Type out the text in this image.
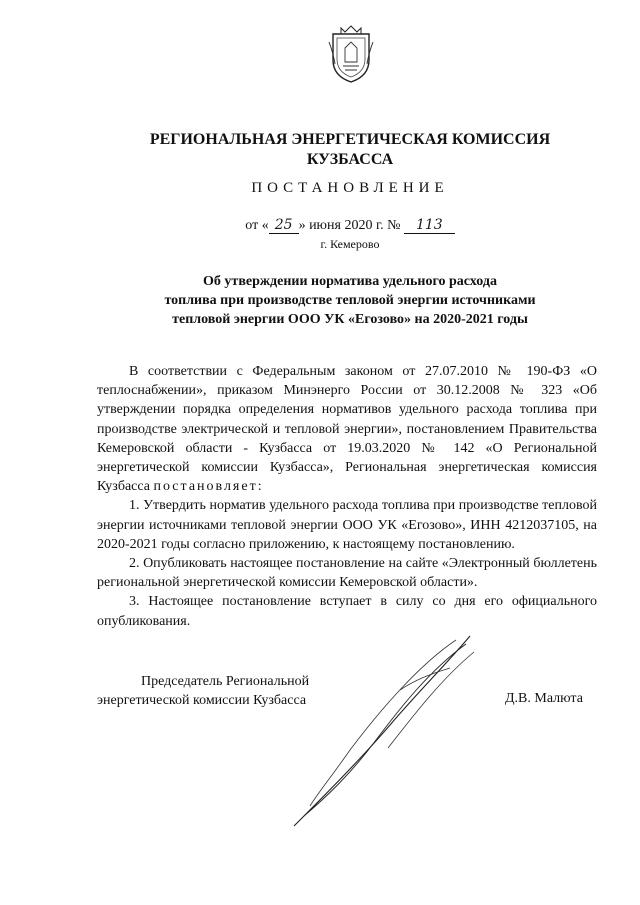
РЕГИОНАЛЬНАЯ ЭНЕРГЕТИЧЕСКАЯ КОМИССИЯ
КУЗБАССА
ПОСТАНОВЛЕНИЕ
от « 25 » июня 2020 г. № 113
г. Кемерово
Об утверждении норматива удельного расхода
топлива при производстве тепловой энергии источниками
тепловой энергии ООО УК «Егозово» на 2020-2021 годы

В соответствии с Федеральным законом от 27.07.2010 № 190-ФЗ «О теплоснабжении», приказом Минэнерго России от 30.12.2008 № 323 «Об утверждении порядка определения нормативов удельного расхода топлива при производстве электрической и тепловой энергии», постановлением Правительства Кемеровской области - Кузбасса от 19.03.2020 № 142 «О Региональной энергетической комиссии Кузбасса», Региональная энергетическая комиссия Кузбасса постановляет:

1. Утвердить норматив удельного расхода топлива при производстве тепловой энергии источниками тепловой энергии ООО УК «Егозово», ИНН 4212037105, на 2020-2021 годы согласно приложению, к настоящему постановлению.

2. Опубликовать настоящее постановление на сайте «Электронный бюллетень региональной энергетической комиссии Кемеровской области».

3. Настоящее постановление вступает в силу со дня его официального опубликования.

Председатель Региональной
энергетической комиссии Кузбасса	Д.В. Малюта
